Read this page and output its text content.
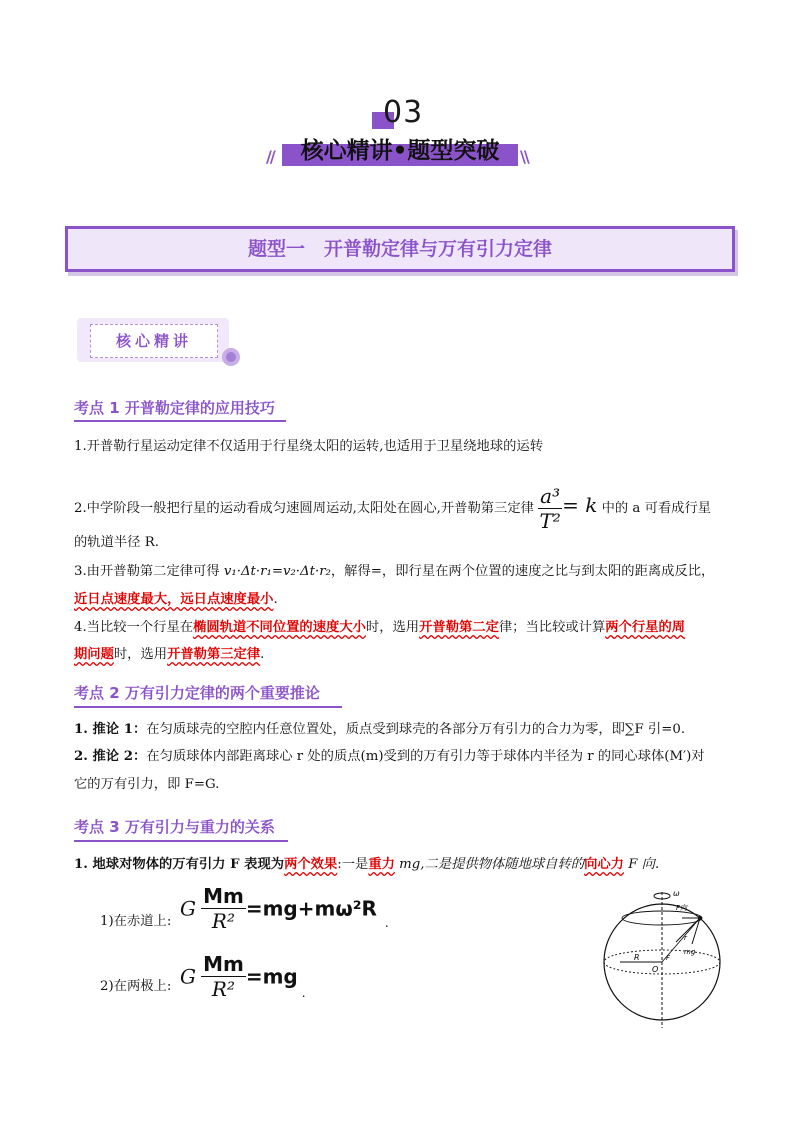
03
//	核心精讲•题型突破	\\
题型一　开普勒定律与万有引力定律
核心精讲
考点 1 开普勒定律的应用技巧
1.开普勒行星运动定律不仅适用于行星绕太阳的运转,也适用于卫星绕地球的运转
2.中学阶段一般把行星的运动看成匀速圆周运动,太阳处在圆心,开普勒第三定律 $\frac{\text{a³}}{\text{T²}} = k$ 中的 a 可看成行星
的轨道半径 R.
3.由开普勒第二定律可得 v₁·Δt·r₁=v₂·Δt·r₂，解得=，即行星在两个位置的速度之比与到太阳的距离成反比，
近日点速度最大，远日点速度最小.
4.当比较一个行星在椭圆轨道不同位置的速度大小时，选用开普勒第二定律；当比较或计算两个行星的周
期问题时，选用开普勒第三定律.
考点 2 万有引力定律的两个重要推论
1. 推论 1：在匀质球壳的空腔内任意位置处，质点受到球壳的各部分万有引力的合力为零，即∑F 引=0.
2. 推论 2：在匀质球体内部距离球心 r 处的质点(m)受到的万有引力等于球体内半径为 r 的同心球体(M′)对
它的万有引力，即 F=G.
考点 3 万有引力与重力的关系
1. 地球对物体的万有引力 F 表现为两个效果:一是重力 mg,二是提供物体随地球自转的向心力 F 向.
1)在赤道上:
G $\frac{Mm}{\text{R²}} =mg+m\omega^2R_.$
2)在两极上: G $\frac{Mm}{\text{R²}} =mg_.$
ω
F向
F
mg
R
O
r
